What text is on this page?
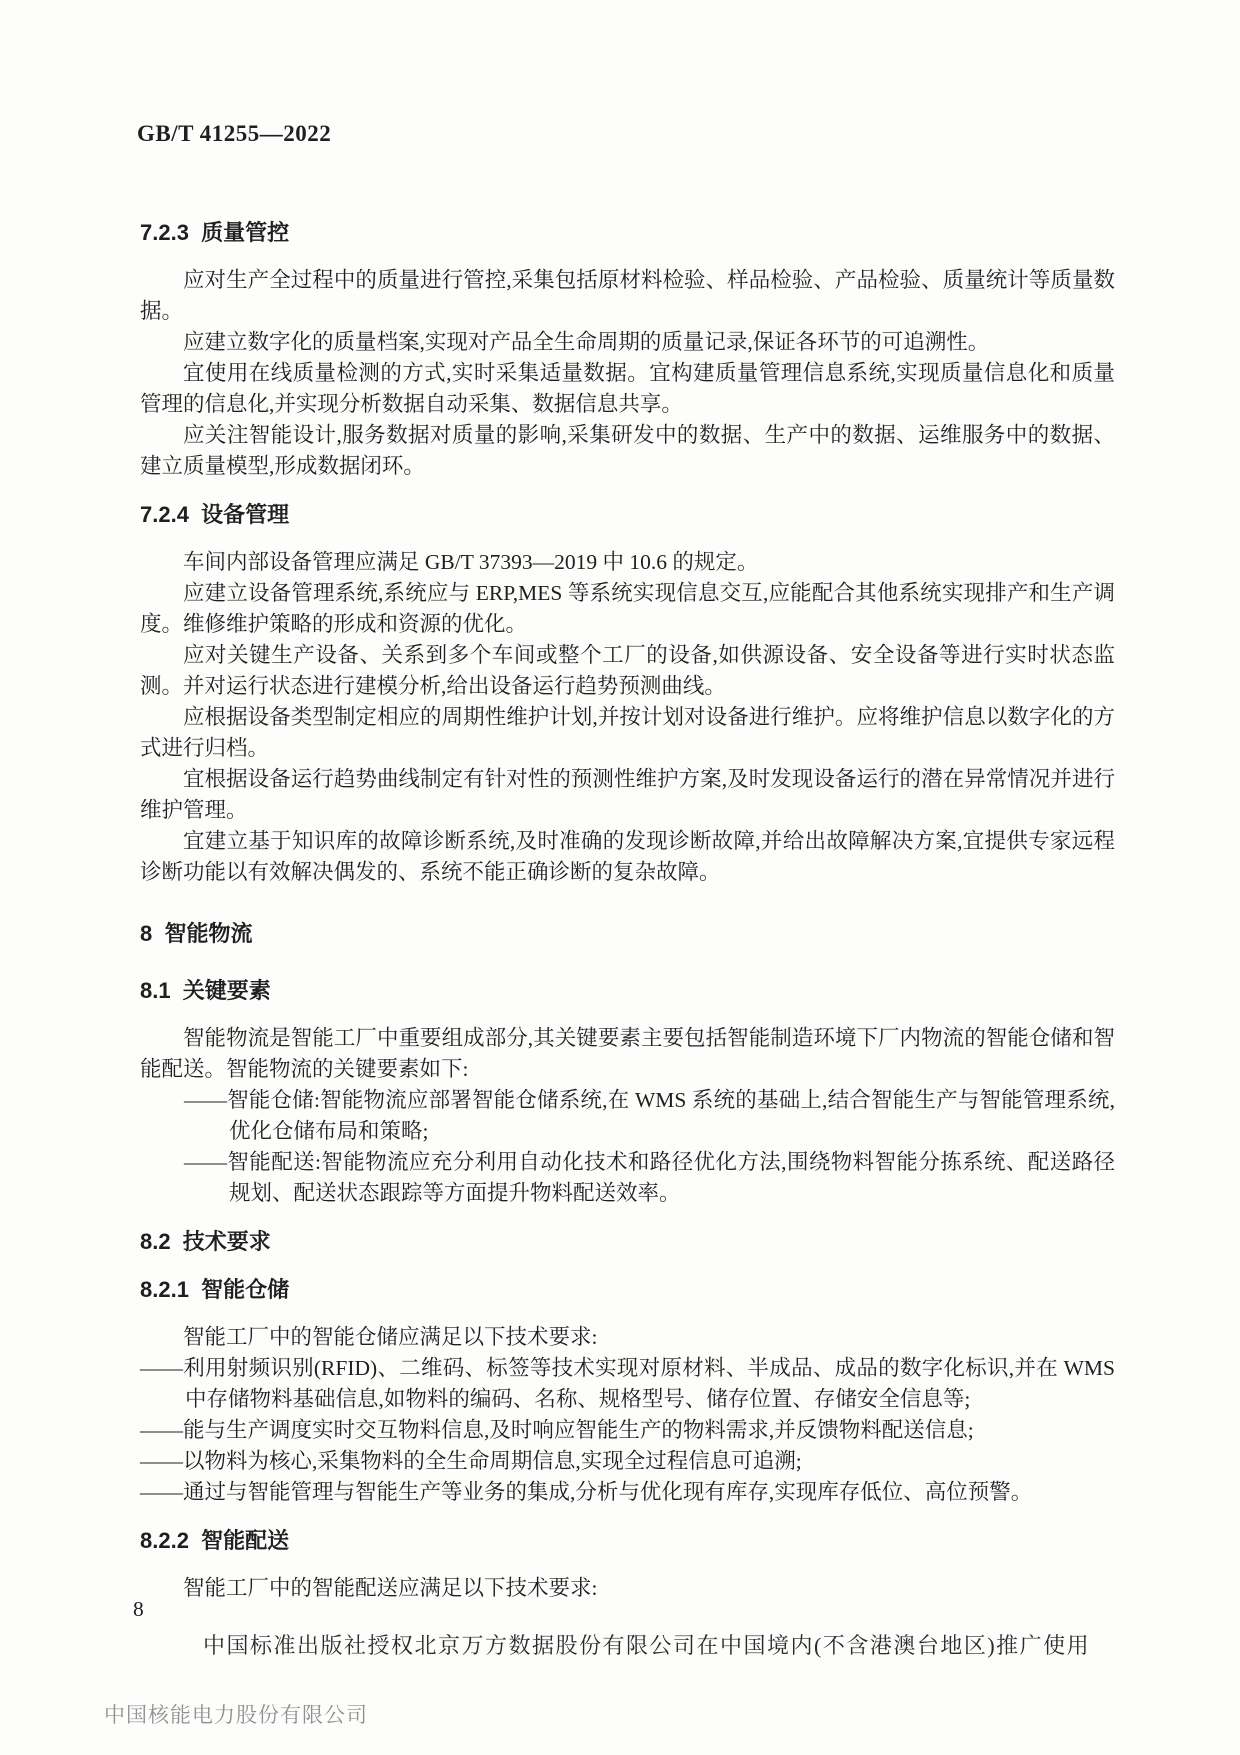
GB/T 41255—2022
7.2.3  质量管控

应对生产全过程中的质量进行管控,采集包括原材料检验、样品检验、产品检验、质量统计等质量数据。

应建立数字化的质量档案,实现对产品全生命周期的质量记录,保证各环节的可追溯性。

宜使用在线质量检测的方式,实时采集适量数据。宜构建质量管理信息系统,实现质量信息化和质量管理的信息化,并实现分析数据自动采集、数据信息共享。

应关注智能设计,服务数据对质量的影响,采集研发中的数据、生产中的数据、运维服务中的数据、建立质量模型,形成数据闭环。

7.2.4  设备管理

车间内部设备管理应满足 GB/T 37393—2019 中 10.6 的规定。

应建立设备管理系统,系统应与 ERP,MES 等系统实现信息交互,应能配合其他系统实现排产和生产调度。维修维护策略的形成和资源的优化。

应对关键生产设备、关系到多个车间或整个工厂的设备,如供源设备、安全设备等进行实时状态监测。并对运行状态进行建模分析,给出设备运行趋势预测曲线。

应根据设备类型制定相应的周期性维护计划,并按计划对设备进行维护。应将维护信息以数字化的方式进行归档。

宜根据设备运行趋势曲线制定有针对性的预测性维护方案,及时发现设备运行的潜在异常情况并进行维护管理。

宜建立基于知识库的故障诊断系统,及时准确的发现诊断故障,并给出故障解决方案,宜提供专家远程诊断功能以有效解决偶发的、系统不能正确诊断的复杂故障。

8  智能物流
8.1  关键要素

智能物流是智能工厂中重要组成部分,其关键要素主要包括智能制造环境下厂内物流的智能仓储和智能配送。智能物流的关键要素如下:

——智能仓储:智能物流应部署智能仓储系统,在 WMS 系统的基础上,结合智能生产与智能管理系统,优化仓储布局和策略;

——智能配送:智能物流应充分利用自动化技术和路径优化方法,围绕物料智能分拣系统、配送路径规划、配送状态跟踪等方面提升物料配送效率。

8.2  技术要求
8.2.1  智能仓储

智能工厂中的智能仓储应满足以下技术要求:

——利用射频识别(RFID)、二维码、标签等技术实现对原材料、半成品、成品的数字化标识,并在 WMS 中存储物料基础信息,如物料的编码、名称、规格型号、储存位置、存储安全信息等;

——能与生产调度实时交互物料信息,及时响应智能生产的物料需求,并反馈物料配送信息;

——以物料为核心,采集物料的全生命周期信息,实现全过程信息可追溯;

——通过与智能管理与智能生产等业务的集成,分析与优化现有库存,实现库存低位、高位预警。

8.2.2  智能配送

智能工厂中的智能配送应满足以下技术要求:

8
中国标准出版社授权北京万方数据股份有限公司在中国境内(不含港澳台地区)推广使用
中国核能电力股份有限公司
